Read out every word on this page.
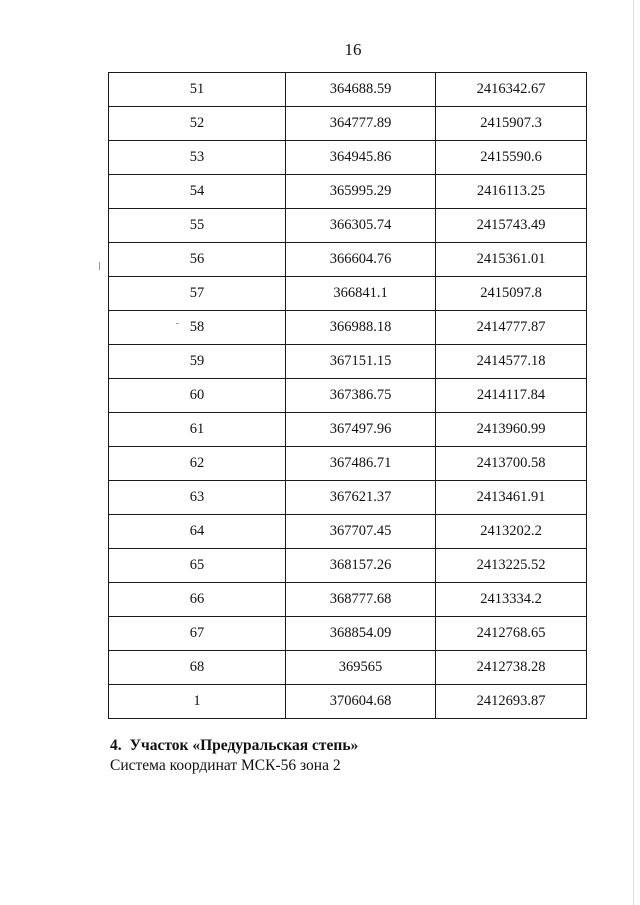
16
51	364688.59	2416342.67
52	364777.89	2415907.3
53	364945.86	2415590.6
54	365995.29	2416113.25
55	366305.74	2415743.49
56	366604.76	2415361.01
57	366841.1	2415097.8
58	366988.18	2414777.87
59	367151.15	2414577.18
60	367386.75	2414117.84
61	367497.96	2413960.99
62	367486.71	2413700.58
63	367621.37	2413461.91
64	367707.45	2413202.2
65	368157.26	2413225.52
66	368777.68	2413334.2
67	368854.09	2412768.65
68	369565	2412738.28
1	370604.68	2412693.87
4. Участок «Предуральская степь»
Система координат МСК-56 зона 2
